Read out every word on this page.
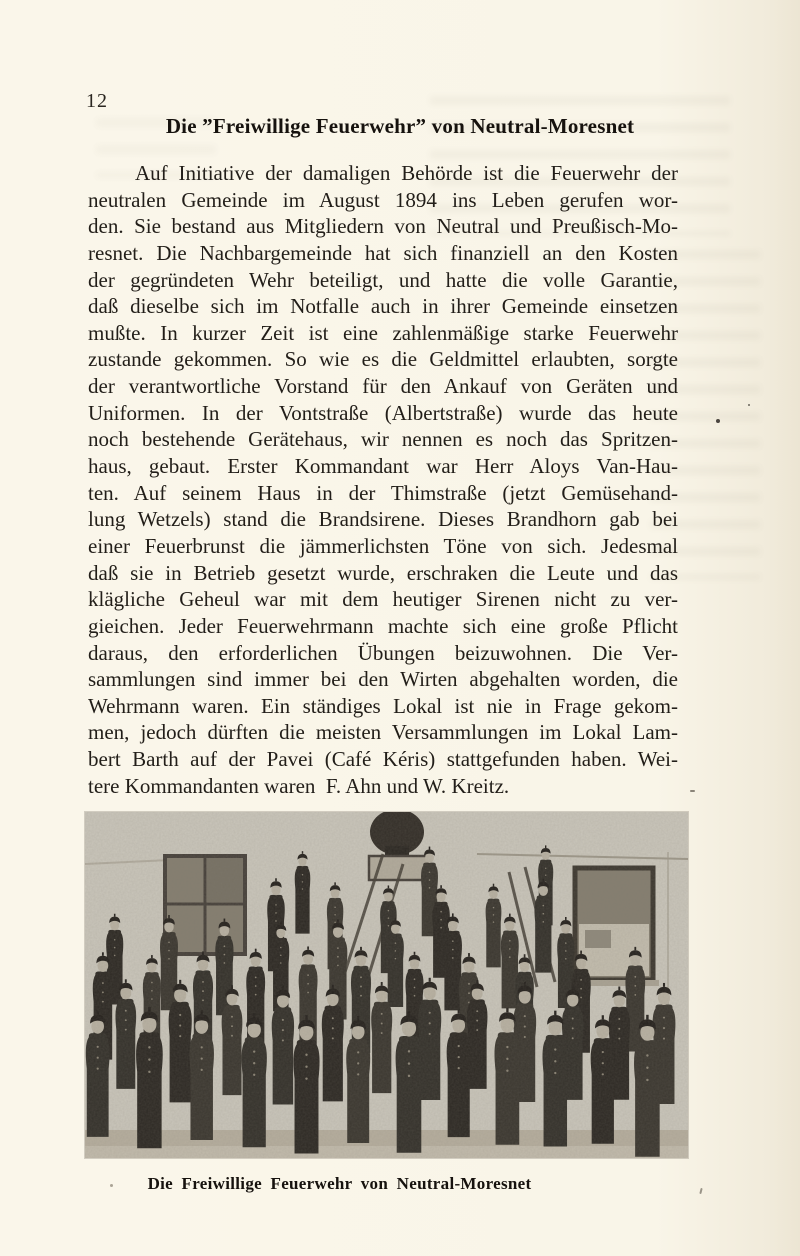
12
Die ”Freiwillige Feuerwehr” von Neutral-Moresnet
Auf Initiative der damaligen Behörde ist die Feuerwehr der
neutralen Gemeinde im August 1894 ins Leben gerufen wor-
den. Sie bestand aus Mitgliedern von Neutral und Preußisch-Mo-
resnet. Die Nachbargemeinde hat sich finanziell an den Kosten
der gegründeten Wehr beteiligt, und hatte die volle Garantie,
daß dieselbe sich im Notfalle auch in ihrer Gemeinde einsetzen
mußte. In kurzer Zeit ist eine zahlenmäßige starke Feuerwehr
zustande gekommen. So wie es die Geldmittel erlaubten, sorgte
der verantwortliche Vorstand für den Ankauf von Geräten und
Uniformen. In der Vontstraße (Albertstraße) wurde das heute
noch bestehende Gerätehaus, wir nennen es noch das Spritzen-
haus, gebaut. Erster Kommandant war Herr Aloys Van-Hau-
ten. Auf seinem Haus in der Thimstraße (jetzt Gemüsehand-
lung Wetzels) stand die Brandsirene. Dieses Brandhorn gab bei
einer Feuerbrunst die jämmerlichsten Töne von sich. Jedesmal
daß sie in Betrieb gesetzt wurde, erschraken die Leute und das
klägliche Geheul war mit dem heutiger Sirenen nicht zu ver-
gieichen. Jeder Feuerwehrmann machte sich eine große Pflicht
daraus, den erforderlichen Übungen beizuwohnen. Die Ver-
sammlungen sind immer bei den Wirten abgehalten worden, die
Wehrmann waren. Ein ständiges Lokal ist nie in Frage gekom-
men, jedoch dürften die meisten Versammlungen im Lokal Lam-
bert Barth auf der Pavei (Café Kéris) stattgefunden haben. Wei-
tere Kommandanten waren  F. Ahn und W. Kreitz.
Die Freiwillige Feuerwehr von Neutral-Moresnet
